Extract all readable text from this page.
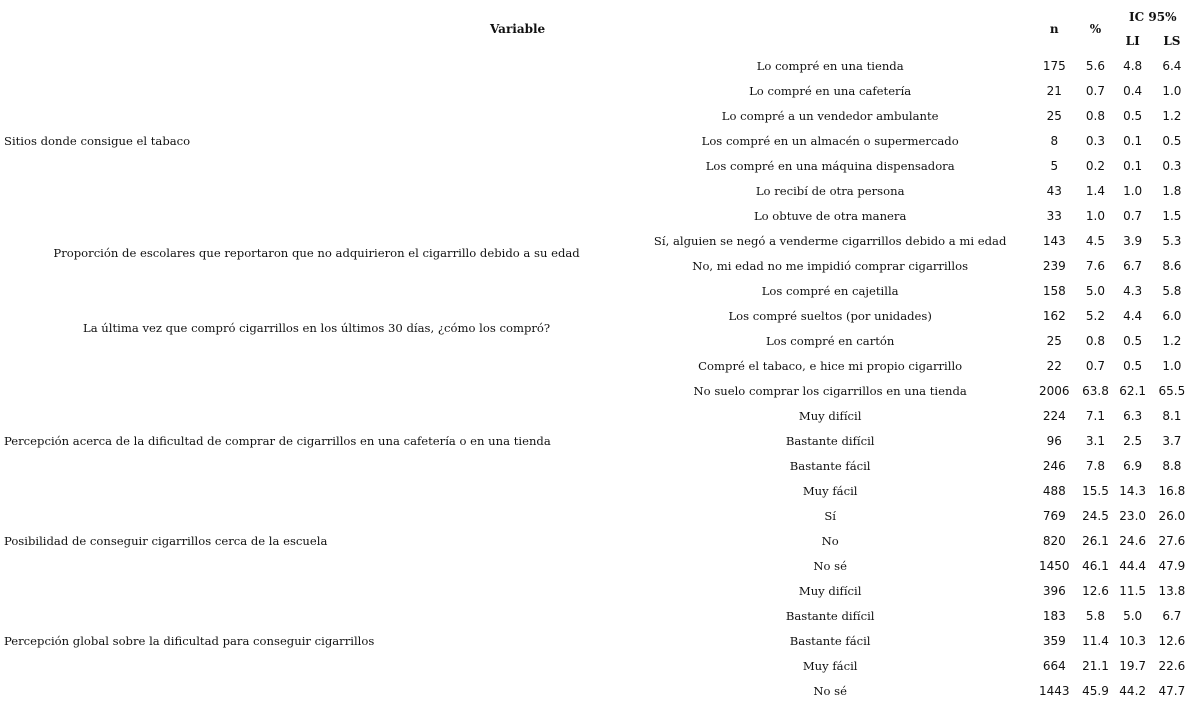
Variable		n	%	IC 95%	
				LI	LS
Sitios donde consigue el tabaco	Lo compré en una tienda	175	5.6	4.8	6.4
	Lo compré en una cafetería	21	0.7	0.4	1.0
	Lo compré a un vendedor ambulante	25	0.8	0.5	1.2
	Los compré en un almacén o supermercado	8	0.3	0.1	0.5
	Los compré en una máquina dispensadora	5	0.2	0.1	0.3
	Lo recibí de otra persona	43	1.4	1.0	1.8
	Lo obtuve de otra manera	33	1.0	0.7	1.5
Proporción de escolares que reportaron que no adquirieron el cigarrillo debido a su edad	Sí, alguien se negó a venderme cigarrillos debido a mi edad	143	4.5	3.9	5.3
	No, mi edad no me impidió comprar cigarrillos	239	7.6	6.7	8.6
La última vez que compró cigarrillos en los últimos 30 días, ¿cómo los compró?	Los compré en cajetilla	158	5.0	4.3	5.8
	Los compré sueltos (por unidades)	162	5.2	4.4	6.0
	Los compré en cartón	25	0.8	0.5	1.2
	Compré el tabaco, e hice mi propio cigarrillo	22	0.7	0.5	1.0
Percepción acerca de la dificultad de comprar de cigarrillos en una cafetería o en una tienda	No suelo comprar los cigarrillos en una tienda	2006	63.8	62.1	65.5
	Muy difícil	224	7.1	6.3	8.1
	Bastante difícil	96	3.1	2.5	3.7
	Bastante fácil	246	7.8	6.9	8.8
	Muy fácil	488	15.5	14.3	16.8
Posibilidad de conseguir cigarrillos cerca de la escuela	Sí	769	24.5	23.0	26.0
	No	820	26.1	24.6	27.6
	No sé	1450	46.1	44.4	47.9
Percepción global sobre la dificultad para conseguir cigarrillos	Muy difícil	396	12.6	11.5	13.8
	Bastante difícil	183	5.8	5.0	6.7
	Bastante fácil	359	11.4	10.3	12.6
	Muy fácil	664	21.1	19.7	22.6
	No sé	1443	45.9	44.2	47.7
